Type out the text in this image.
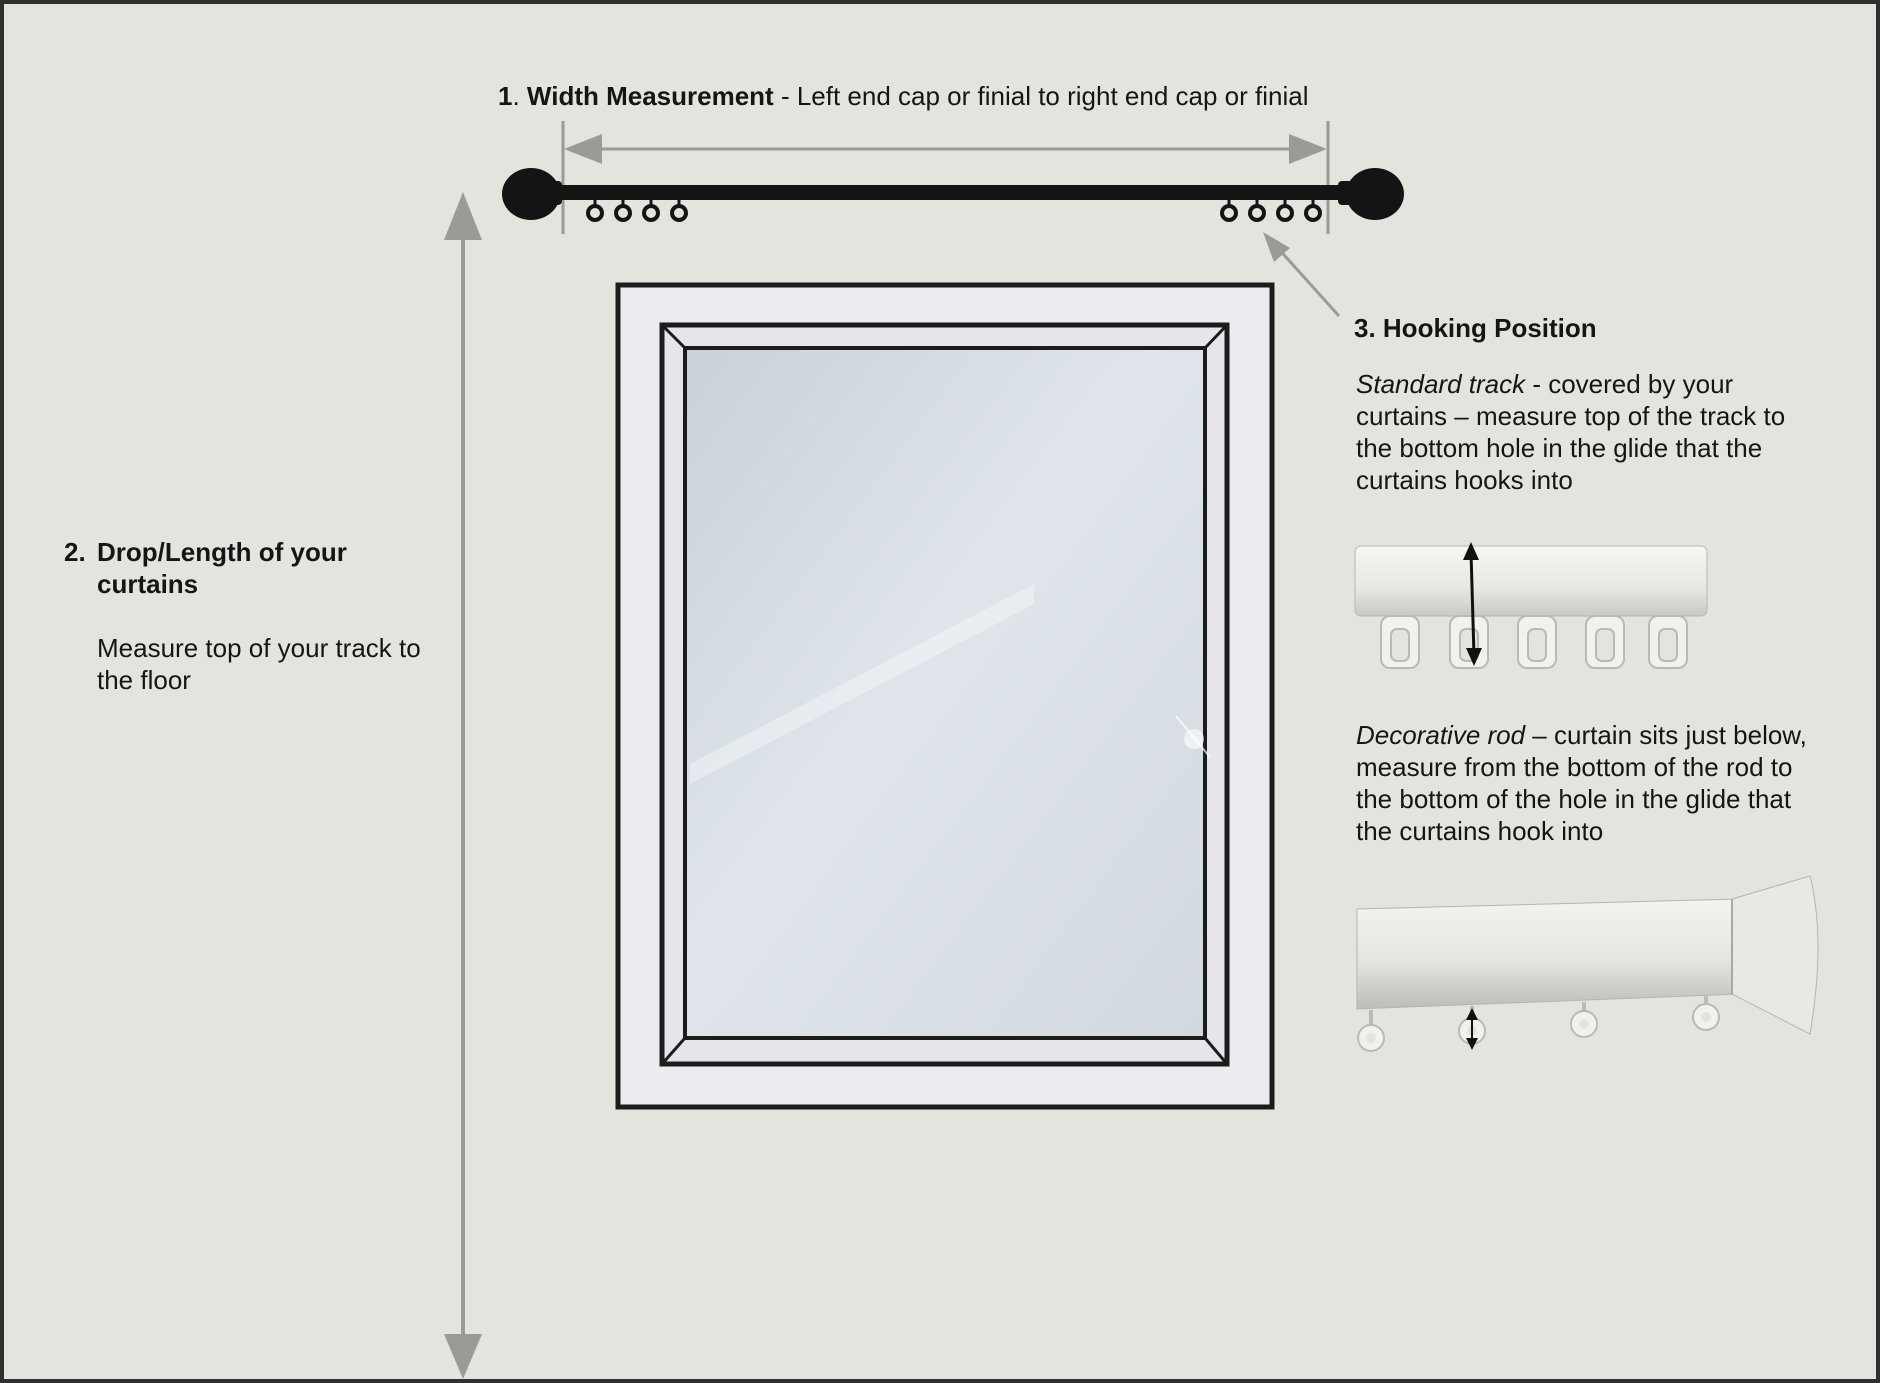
1. Width Measurement - Left end cap or finial to right end cap or finial

2. Drop/Length of your
curtains

Measure top of your track to the floor

3. Hooking Position

Standard track - covered by your curtains – measure top of the track to the bottom hole in the glide that the curtains hooks into

Decorative rod – curtain sits just below, measure from the bottom of the rod to the bottom of the hole in the glide that the curtains hook into
